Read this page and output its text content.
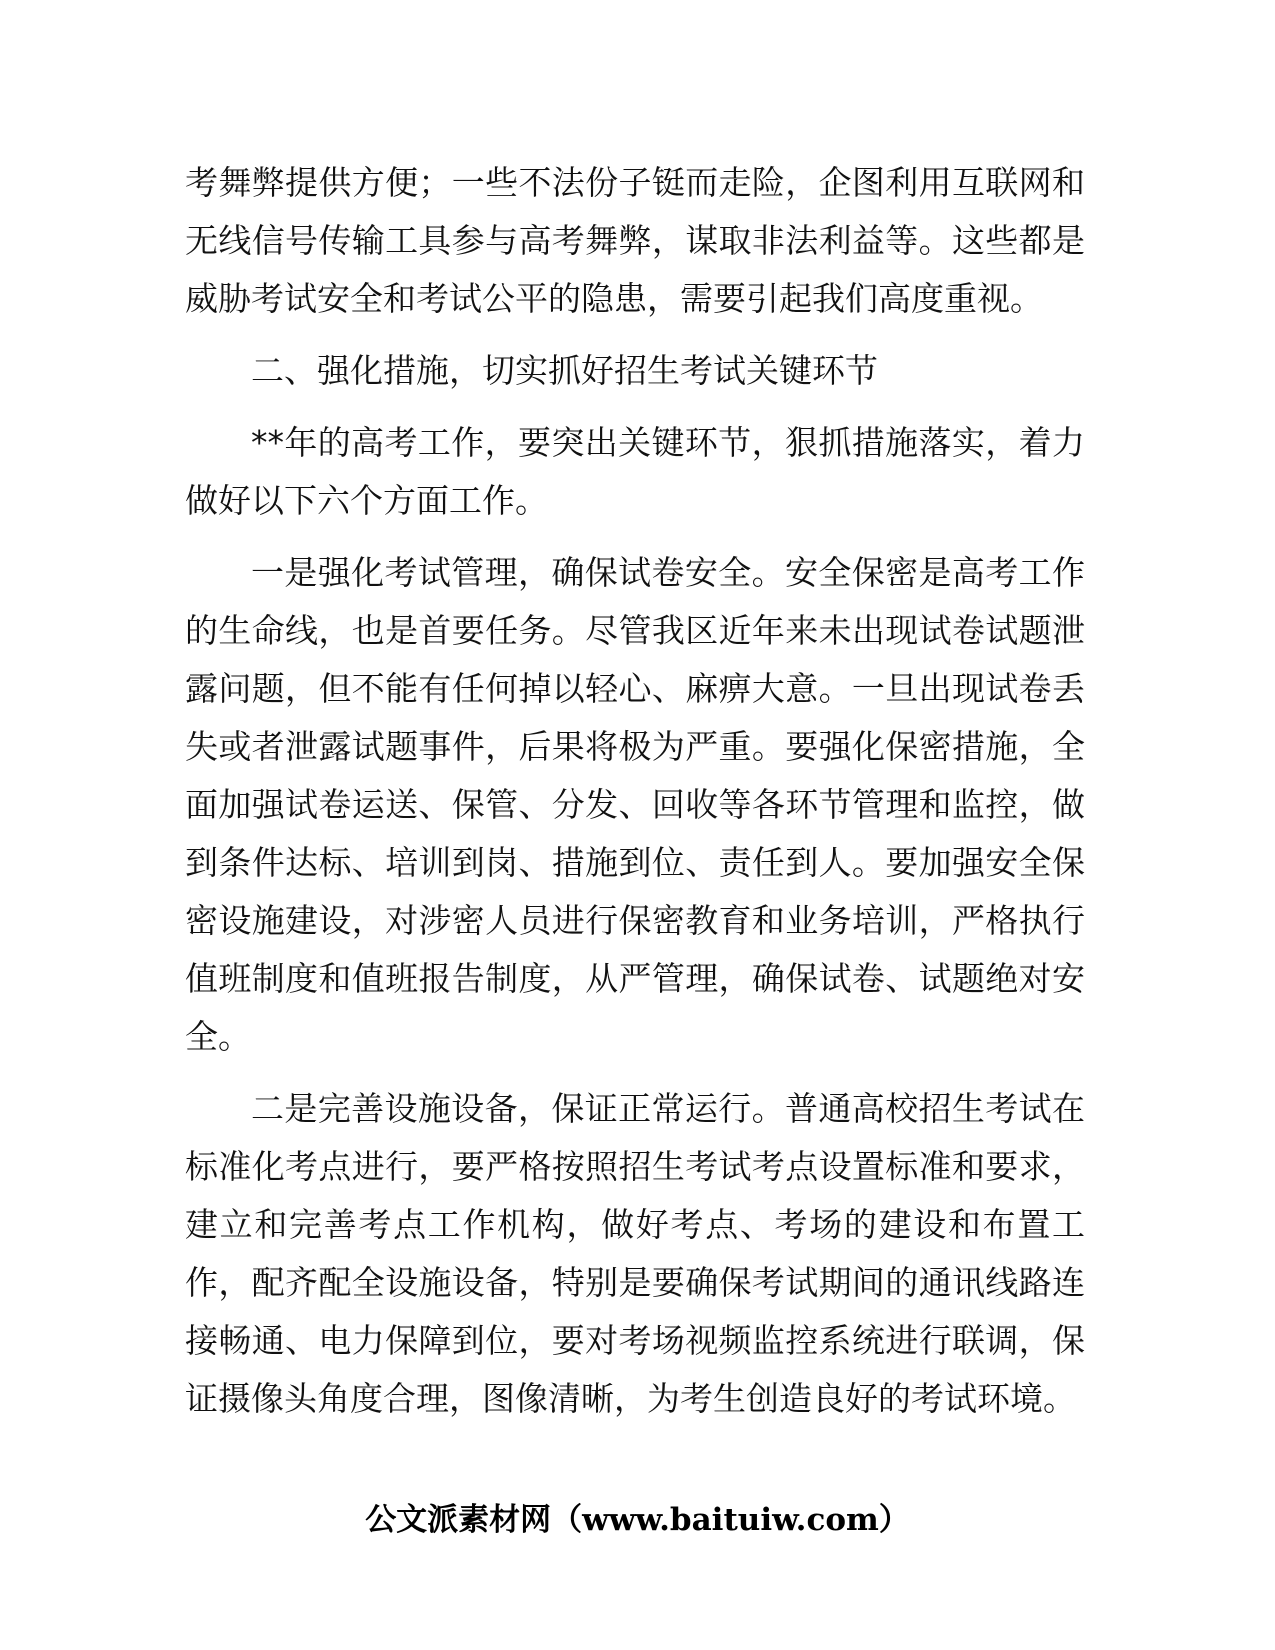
考舞弊提供方便；一些不法份子铤而走险，企图利用互联网和无线信号传输工具参与高考舞弊，谋取非法利益等。这些都是威胁考试安全和考试公平的隐患，需要引起我们高度重视。

二、强化措施，切实抓好招生考试关键环节

**年的高考工作，要突出关键环节，狠抓措施落实，着力做好以下六个方面工作。

一是强化考试管理，确保试卷安全。安全保密是高考工作的生命线，也是首要任务。尽管我区近年来未出现试卷试题泄露问题，但不能有任何掉以轻心、麻痹大意。一旦出现试卷丢失或者泄露试题事件，后果将极为严重。要强化保密措施，全面加强试卷运送、保管、分发、回收等各环节管理和监控，做到条件达标、培训到岗、措施到位、责任到人。要加强安全保密设施建设，对涉密人员进行保密教育和业务培训，严格执行值班制度和值班报告制度，从严管理，确保试卷、试题绝对安全。

二是完善设施设备，保证正常运行。普通高校招生考试在标准化考点进行，要严格按照招生考试考点设置标准和要求，建立和完善考点工作机构，做好考点、考场的建设和布置工作，配齐配全设施设备，特别是要确保考试期间的通讯线路连接畅通、电力保障到位，要对考场视频监控系统进行联调，保证摄像头角度合理，图像清晰，为考生创造良好的考试环境。

公文派素材网（www.baituiw.com）
